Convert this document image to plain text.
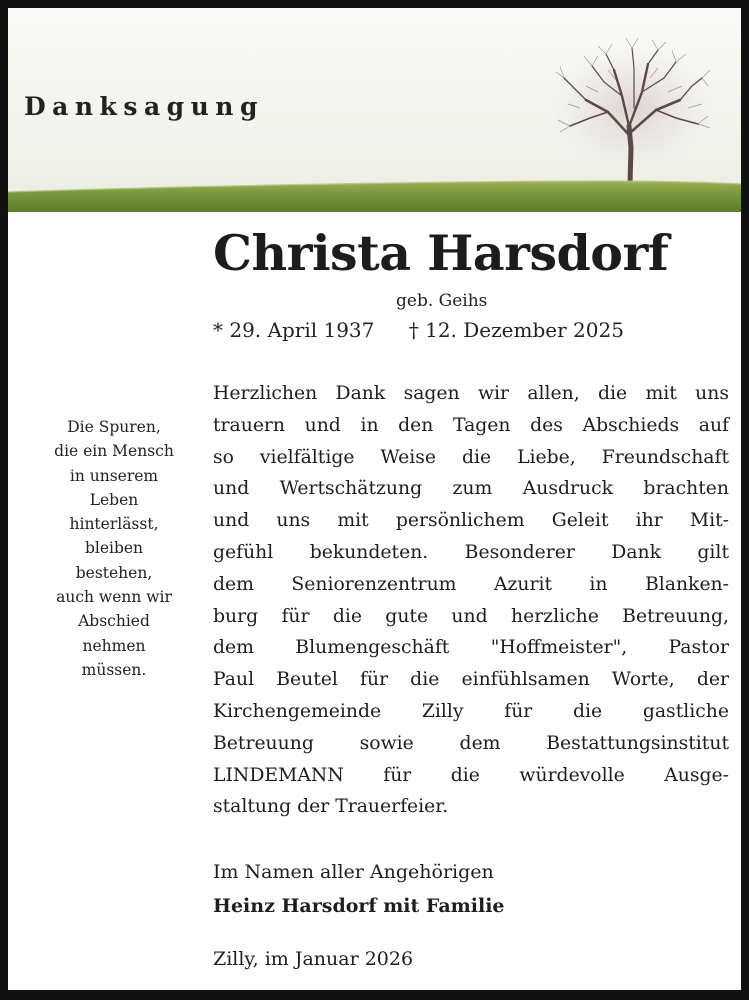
Danksagung
Christa Harsdorf
geb. Geihs
* 29. April 1937 † 12. Dezember 2025
Die Spuren,
die ein Mensch
in unserem
Leben
hinterlässt,
bleiben
bestehen,
auch wenn wir
Abschied
nehmen
müssen.
Herzlichen Dank sagen wir allen, die mit uns
trauern und in den Tagen des Abschieds auf
so vielfältige Weise die Liebe, Freundschaft
und Wertschätzung zum Ausdruck brachten
und uns mit persönlichem Geleit ihr Mit-
gefühl bekundeten. Besonderer Dank gilt
dem Seniorenzentrum Azurit in Blanken-
burg für die gute und herzliche Betreuung,
dem Blumengeschäft "Hoffmeister", Pastor
Paul Beutel für die einfühlsamen Worte, der
Kirchengemeinde Zilly für die gastliche
Betreuung sowie dem Bestattungsinstitut
LINDEMANN für die würdevolle Ausge-
staltung der Trauerfeier.
Im Namen aller Angehörigen
Heinz Harsdorf mit Familie
Zilly, im Januar 2026
